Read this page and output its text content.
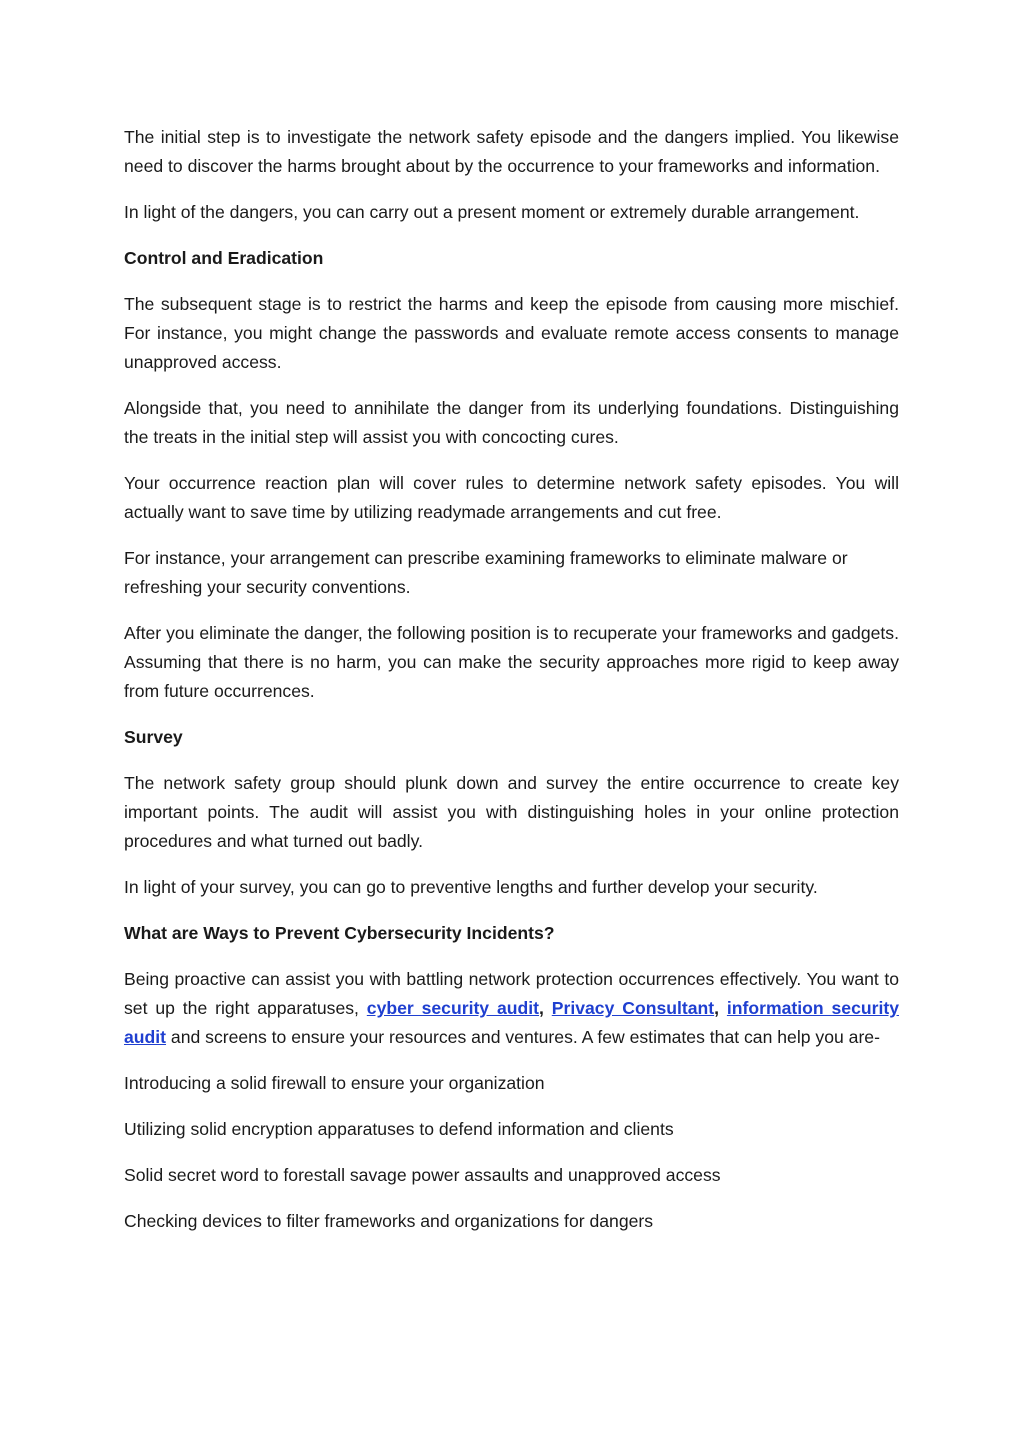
The initial step is to investigate the network safety episode and the dangers implied. You likewise need to discover the harms brought about by the occurrence to your frameworks and information.

In light of the dangers, you can carry out a present moment or extremely durable arrangement.

Control and Eradication

The subsequent stage is to restrict the harms and keep the episode from causing more mischief. For instance, you might change the passwords and evaluate remote access consents to manage unapproved access.

Alongside that, you need to annihilate the danger from its underlying foundations. Distinguishing the treats in the initial step will assist you with concocting cures.

Your occurrence reaction plan will cover rules to determine network safety episodes. You will actually want to save time by utilizing readymade arrangements and cut free.

For instance, your arrangement can prescribe examining frameworks to eliminate malware or refreshing your security conventions.

After you eliminate the danger, the following position is to recuperate your frameworks and gadgets. Assuming that there is no harm, you can make the security approaches more rigid to keep away from future occurrences.

Survey

The network safety group should plunk down and survey the entire occurrence to create key important points. The audit will assist you with distinguishing holes in your online protection procedures and what turned out badly.

In light of your survey, you can go to preventive lengths and further develop your security.

What are Ways to Prevent Cybersecurity Incidents?

Being proactive can assist you with battling network protection occurrences effectively. You want to set up the right apparatuses, cyber security audit, Privacy Consultant, information security audit and screens to ensure your resources and ventures. A few estimates that can help you are-

Introducing a solid firewall to ensure your organization

Utilizing solid encryption apparatuses to defend information and clients

Solid secret word to forestall savage power assaults and unapproved access

Checking devices to filter frameworks and organizations for dangers
